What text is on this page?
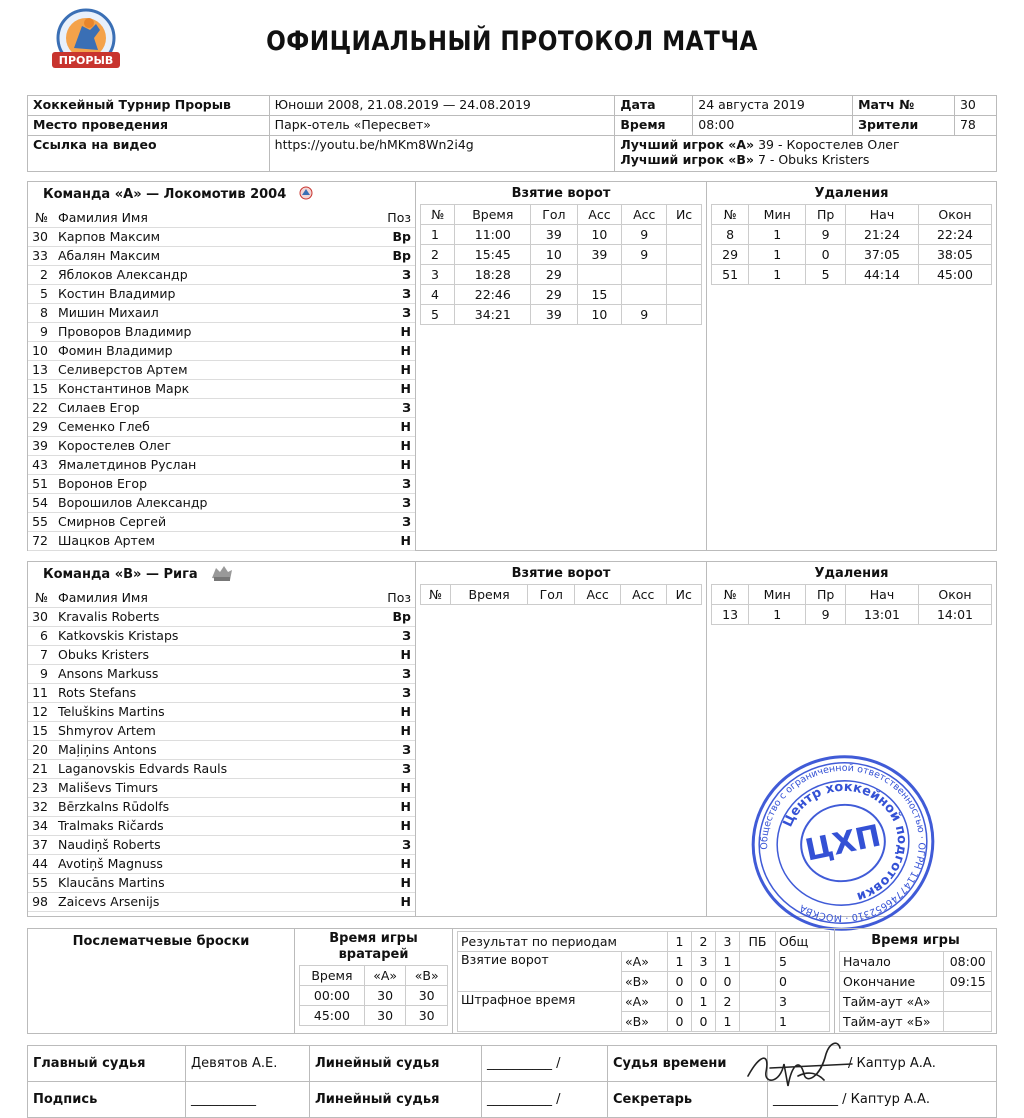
ПРОРЫВ
ОФИЦИАЛЬНЫЙ ПРОТОКОЛ МАТЧА
Хоккейный Турнир Прорыв	Юноши 2008, 21.08.2019 — 24.08.2019	Дата	24 августа 2019	Матч №	30
Место проведения	Парк-отель «Пересвет»	Время	08:00	Зрители	78
Ссылка на видео	https://youtu.be/hMKm8Wn2i4g	Лучший игрок «А» 39 - Коростелев Олег
Лучший игрок «В» 7 - Obuks Kristers			
Команда «А» — Локомотив 2004
№	Фамилия Имя	Поз
30	Карпов Максим	Вр
33	Абалян Максим	Вр
2	Яблоков Александр	З
5	Костин Владимир	З
8	Мишин Михаил	З
9	Проворов Владимир	Н
10	Фомин Владимир	Н
13	Селиверстов Артем	Н
15	Константинов Марк	Н
22	Силаев Егор	З
29	Семенко Глеб	Н
39	Коростелев Олег	Н
43	Ямалетдинов Руслан	Н
51	Воронов Егор	З
54	Ворошилов Александр	З
55	Смирнов Сергей	З
72	Шацков Артем	Н
Взятие ворот
№	Время	Гол	Асс	Асс	Ис
1	11:00	39	10	9	
2	15:45	10	39	9	
3	18:28	29			
4	22:46	29	15		
5	34:21	39	10	9	
Удаления
№	Мин	Пр	Нач	Окон
8	1	9	21:24	22:24
29	1	0	37:05	38:05
51	1	5	44:14	45:00
Команда «В» — Рига
№	Фамилия Имя	Поз
30	Kravalis Roberts	Вр
6	Katkovskis Kristaps	З
7	Obuks Kristers	Н
9	Ansons Markuss	З
11	Rots Stefans	З
12	Teluškins Martins	Н
15	Shmyrov Artem	Н
20	Maļiņins Antons	З
21	Laganovskis Edvards Rauls	З
23	Mališevs Timurs	Н
32	Bērzkalns Rūdolfs	Н
34	Tralmaks Ričards	Н
37	Naudiņš Roberts	З
44	Avotiņš Magnuss	Н
55	Klaucāns Martins	Н
98	Zaicevs Arsenijs	Н
Взятие ворот
№	Время	Гол	Асс	Асс	Ис
Удаления
№	Мин	Пр	Нач	Окон
13	1	9	13:01	14:01
Общество с ограниченной ответственностью · ОГРН 1147746652310 · МОСКВА
Центр хоккейной подготовки
ЦХП
Послематчевые броски	Время игры вратарей
Время	«А»	«В»
00:00	30	30
45:00	30	30
Результат по периодам		1	2	3	ПБ	Общ
Взятие ворот	«А»	1	3	1		5
	«В»	0	0	0		0
Штрафное время	«А»	0	1	2		3
	«В»	0	0	1		1
Время игры
Начало	08:00
Окончание	09:15
Тайм-аут «А»	
Тайм-аут «Б»	
Главный судья	Девятов А.Е.	Линейный судья	__________ /	Судья времени	/ Каптур А.А.
Подпись	__________	Линейный судья	__________ /	Секретарь	__________ / Каптур А.А.
